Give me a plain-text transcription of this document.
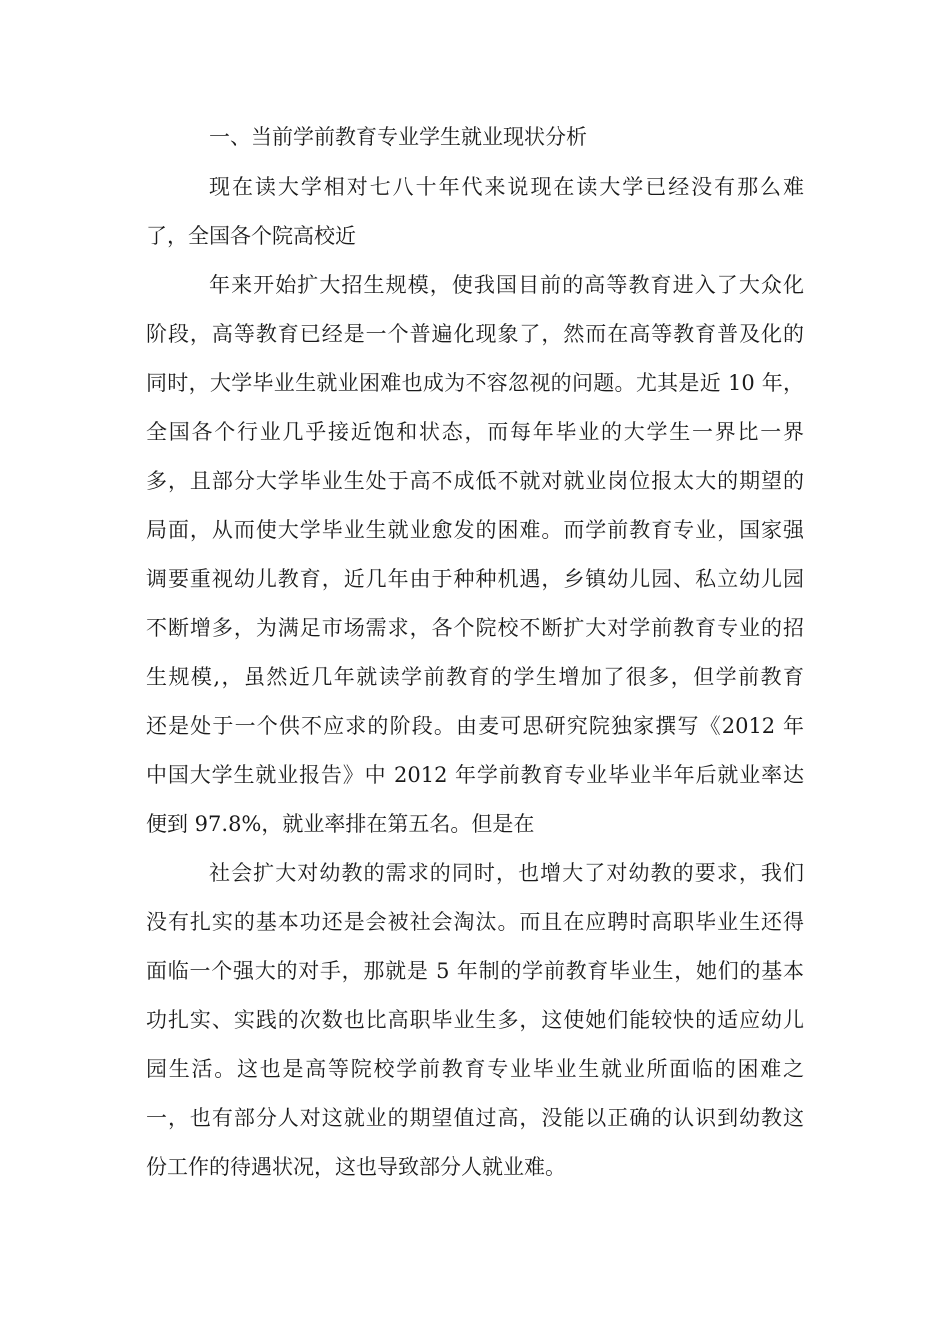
一、当前学前教育专业学生就业现状分析
现在读大学相对七八十年代来说现在读大学已经没有那么难
了，全国各个院高校近
年来开始扩大招生规模，使我国目前的高等教育进入了大众化
阶段，高等教育已经是一个普遍化现象了，然而在高等教育普及化的
同时，大学毕业生就业困难也成为不容忽视的问题。尤其是近 10 年，
全国各个行业几乎接近饱和状态，而每年毕业的大学生一界比一界
多，且部分大学毕业生处于高不成低不就对就业岗位报太大的期望的
局面，从而使大学毕业生就业愈发的困难。而学前教育专业，国家强
调要重视幼儿教育，近几年由于种种机遇，乡镇幼儿园、私立幼儿园
不断增多，为满足市场需求，各个院校不断扩大对学前教育专业的招
生规模,，虽然近几年就读学前教育的学生增加了很多，但学前教育
还是处于一个供不应求的阶段。由麦可思研究院独家撰写《2012 年
中国大学生就业报告》中 2012 年学前教育专业毕业半年后就业率达
便到 97.8%，就业率排在第五名。但是在
社会扩大对幼教的需求的同时，也增大了对幼教的要求，我们
没有扎实的基本功还是会被社会淘汰。而且在应聘时高职毕业生还得
面临一个强大的对手，那就是 5 年制的学前教育毕业生，她们的基本
功扎实、实践的次数也比高职毕业生多，这使她们能较快的适应幼儿
园生活。这也是高等院校学前教育专业毕业生就业所面临的困难之
一，也有部分人对这就业的期望值过高，没能以正确的认识到幼教这
份工作的待遇状况，这也导致部分人就业难。
